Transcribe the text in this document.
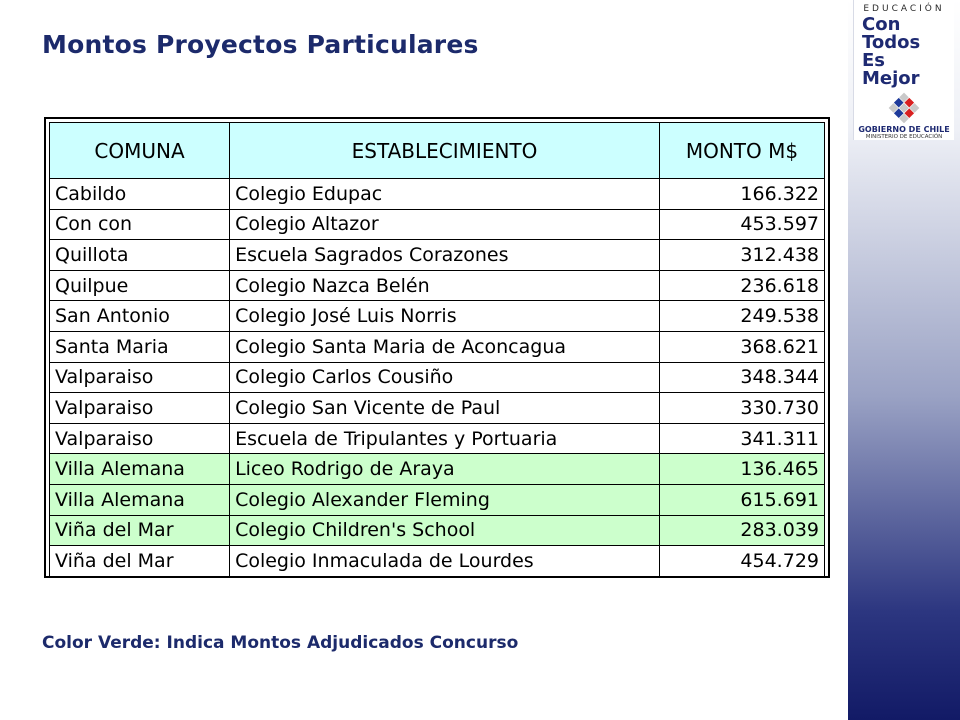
EDUCACIÓN
Con Todos
Es Mejor
GOBIERNO DE CHILE
MINISTERIO DE EDUCACIÓN
Montos Proyectos Particulares
COMUNA	ESTABLECIMIENTO	MONTO M$
Cabildo	Colegio Edupac	166.322
Con con	Colegio Altazor	453.597
Quillota	Escuela Sagrados Corazones	312.438
Quilpue	Colegio Nazca Belén	236.618
San Antonio	Colegio José Luis Norris	249.538
Santa Maria	Colegio Santa Maria de Aconcagua	368.621
Valparaiso	Colegio Carlos Cousiño	348.344
Valparaiso	Colegio San Vicente de Paul	330.730
Valparaiso	Escuela de Tripulantes y Portuaria	341.311
Villa Alemana	Liceo Rodrigo de Araya	136.465
Villa Alemana	Colegio Alexander Fleming	615.691
Viña del Mar	Colegio Children's School	283.039
Viña del Mar	Colegio Inmaculada de Lourdes	454.729
Color Verde: Indica Montos Adjudicados Concurso
